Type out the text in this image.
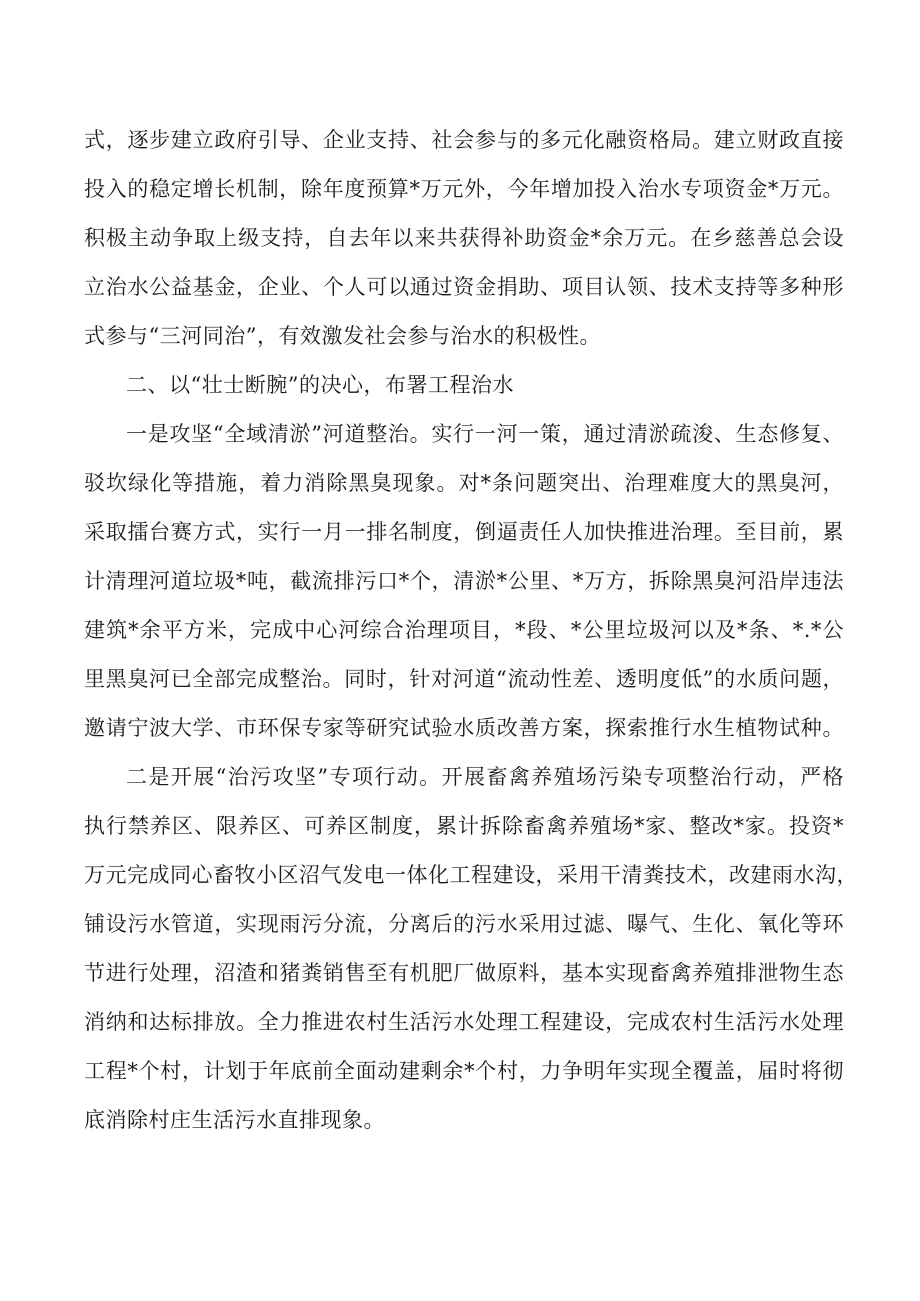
式，逐步建立政府引导、企业支持、社会参与的多元化融资格局。建立财政直接
投入的稳定增长机制，除年度预算*万元外，今年增加投入治水专项资金*万元。
积极主动争取上级支持，自去年以来共获得补助资金*余万元。在乡慈善总会设
立治水公益基金，企业、个人可以通过资金捐助、项目认领、技术支持等多种形
式参与“三河同治”，有效激发社会参与治水的积极性。
二、以“壮士断腕”的决心，布署工程治水
一是攻坚“全域清淤”河道整治。实行一河一策，通过清淤疏浚、生态修复、
驳坎绿化等措施，着力消除黑臭现象。对*条问题突出、治理难度大的黑臭河，
采取擂台赛方式，实行一月一排名制度，倒逼责任人加快推进治理。至目前，累
计清理河道垃圾*吨，截流排污口*个，清淤*公里、*万方，拆除黑臭河沿岸违法
建筑*余平方米，完成中心河综合治理项目，*段、*公里垃圾河以及*条、*.*公
里黑臭河已全部完成整治。同时，针对河道“流动性差、透明度低”的水质问题，
邀请宁波大学、市环保专家等研究试验水质改善方案，探索推行水生植物试种。
二是开展“治污攻坚”专项行动。开展畜禽养殖场污染专项整治行动，严格
执行禁养区、限养区、可养区制度，累计拆除畜禽养殖场*家、整改*家。投资*
万元完成同心畜牧小区沼气发电一体化工程建设，采用干清粪技术，改建雨水沟，
铺设污水管道，实现雨污分流，分离后的污水采用过滤、曝气、生化、氧化等环
节进行处理，沼渣和猪粪销售至有机肥厂做原料，基本实现畜禽养殖排泄物生态
消纳和达标排放。全力推进农村生活污水处理工程建设，完成农村生活污水处理
工程*个村，计划于年底前全面动建剩余*个村，力争明年实现全覆盖，届时将彻
底消除村庄生活污水直排现象。
